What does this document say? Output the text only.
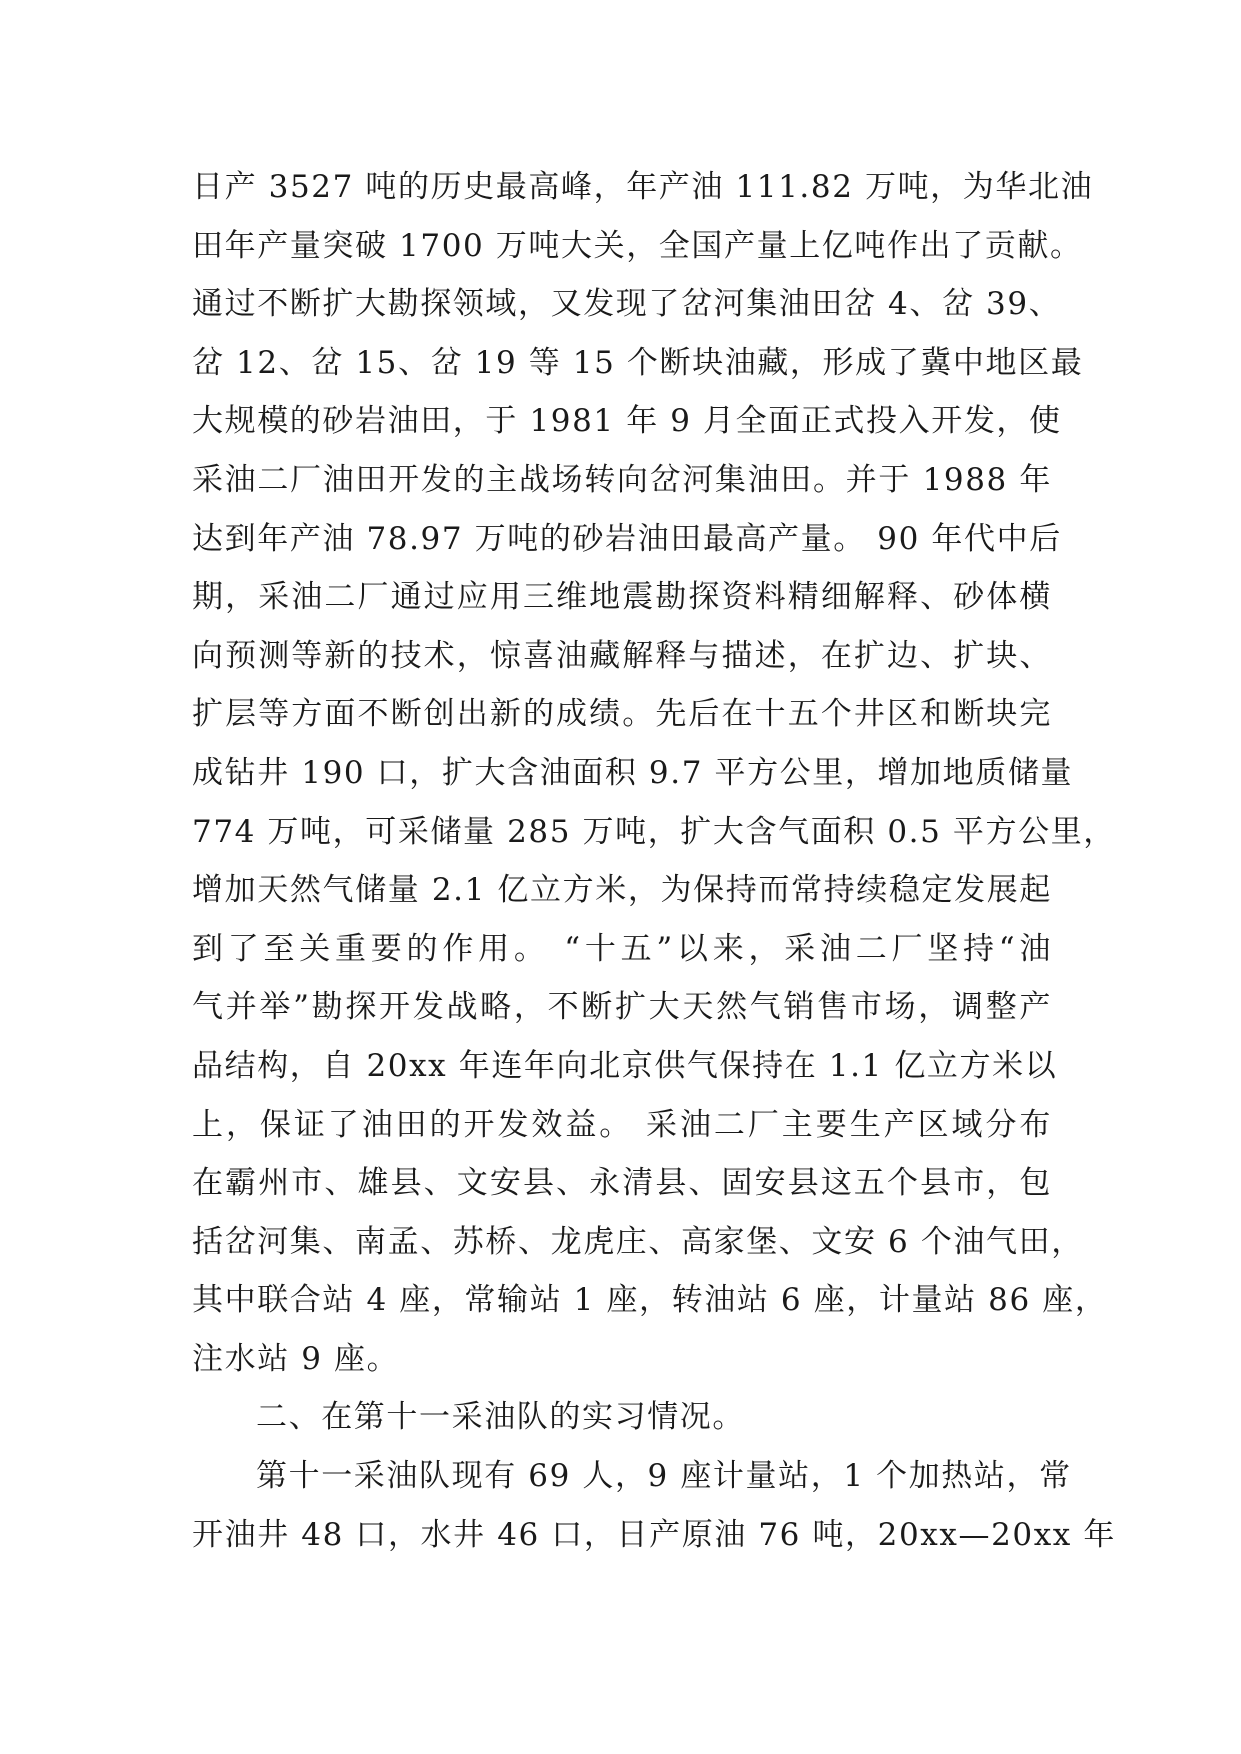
日产 3527 吨的历史最高峰，年产油 111.82 万吨，为华北油
田年产量突破 1700 万吨大关，全国产量上亿吨作出了贡献。
通过不断扩大勘探领域，又发现了岔河集油田岔 4、岔 39、
岔 12、岔 15、岔 19 等 15 个断块油藏，形成了冀中地区最
大规模的砂岩油田，于 1981 年 9 月全面正式投入开发，使
采油二厂油田开发的主战场转向岔河集油田。并于 1988 年
达到年产油 78.97 万吨的砂岩油田最高产量。 90 年代中后
期，采油二厂通过应用三维地震勘探资料精细解释、砂体横
向预测等新的技术，惊喜油藏解释与描述，在扩边、扩块、
扩层等方面不断创出新的成绩。先后在十五个井区和断块完
成钻井 190 口，扩大含油面积 9.7 平方公里，增加地质储量
774 万吨，可采储量 285 万吨，扩大含气面积 0.5 平方公里，
增加天然气储量 2.1 亿立方米，为保持而常持续稳定发展起
到了至关重要的作用。 “十五”以来，采油二厂坚持“油
气并举”勘探开发战略，不断扩大天然气销售市场，调整产
品结构，自 20xx 年连年向北京供气保持在 1.1 亿立方米以
上，保证了油田的开发效益。 采油二厂主要生产区域分布
在霸州市、雄县、文安县、永清县、固安县这五个县市，包
括岔河集、南孟、苏桥、龙虎庄、高家堡、文安 6 个油气田，
其中联合站 4 座，常输站 1 座，转油站 6 座，计量站 86 座，
注水站 9 座。
二、在第十一采油队的实习情况。
第十一采油队现有 69 人，9 座计量站，1 个加热站，常
开油井 48 口，水井 46 口，日产原油 76 吨，20xx—20xx 年
